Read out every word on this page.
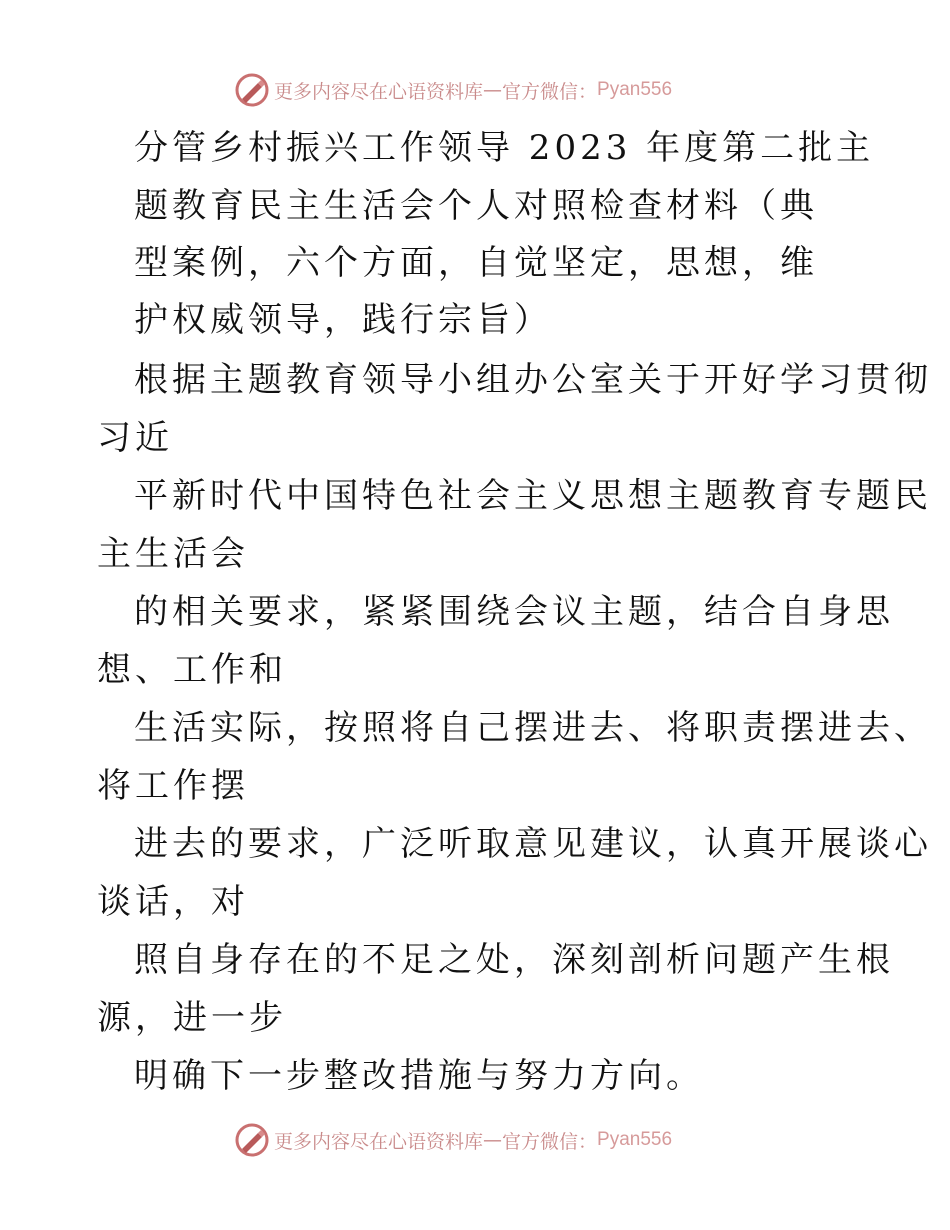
更多内容尽在心语资料库 — 官方微信： Pyan556
分管乡村振兴工作领导 2023 年度第二批主
题教育民主生活会个人对照检查材料（典
型案例，六个方面，自觉坚定，思想，维
护权威领导，践行宗旨）
根据主题教育领导小组办公室关于开好学习贯彻
习近
平新时代中国特色社会主义思想主题教育专题民
主生活会
的相关要求，紧紧围绕会议主题，结合自身思
想、工作和
生活实际，按照将自己摆进去、将职责摆进去、
将工作摆
进去的要求，广泛听取意见建议，认真开展谈心
谈话，对
照自身存在的不足之处，深刻剖析问题产生根
源，进一步
明确下一步整改措施与努力方向。
更多内容尽在心语资料库 — 官方微信： Pyan556
